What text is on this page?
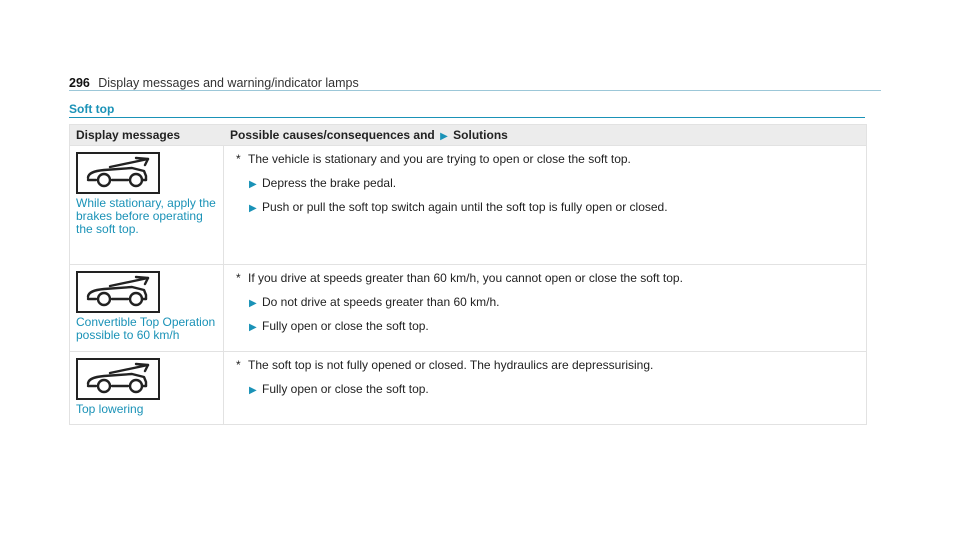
296 Display messages and warning/indicator lamps
Soft top
Display messages	Possible causes/consequences and ▶ Solutions
While stationary, apply the
brakes before operating
the soft top.
* The vehicle is stationary and you are trying to open or close the soft top.
▶ Depress the brake pedal.
▶ Push or pull the soft top switch again until the soft top is fully open or closed.
Convertible Top Operation
possible to 60 km/h
* If you drive at speeds greater than 60 km/h, you cannot open or close the soft top.
▶ Do not drive at speeds greater than 60 km/h.
▶ Fully open or close the soft top.
Top lowering
* The soft top is not fully opened or closed. The hydraulics are depressurising.
▶ Fully open or close the soft top.
